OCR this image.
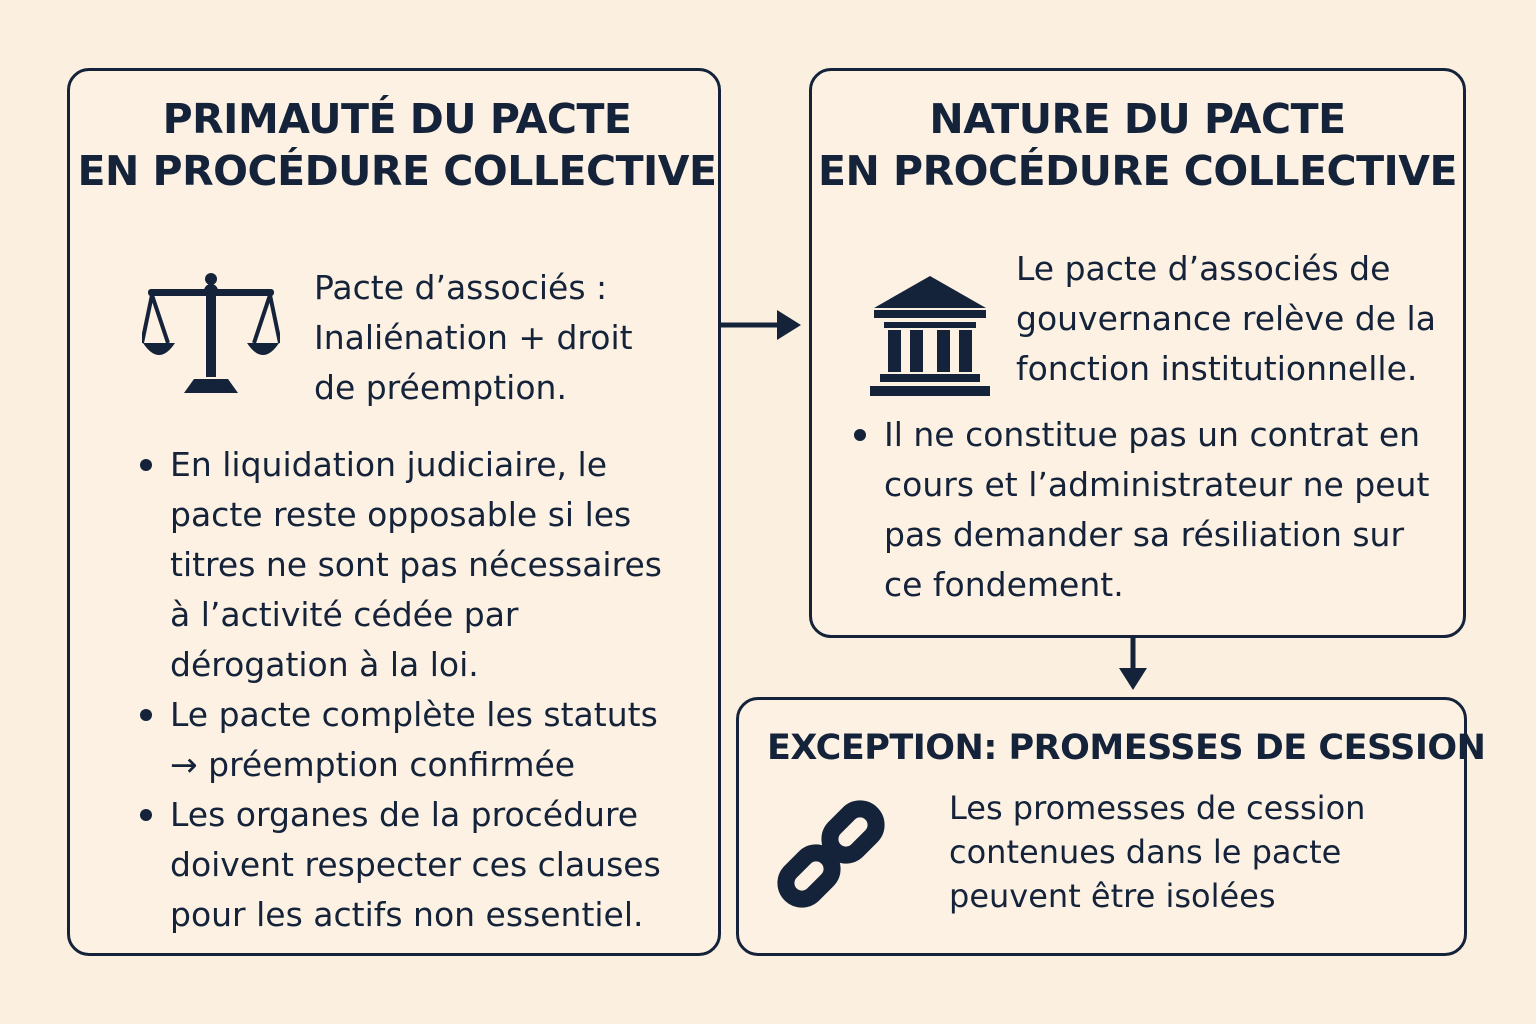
PRIMAUTÉ DU PACTE
EN PROCÉDURE COLLECTIVE

Pacte d’associés :
Inaliénation + droit
de préemption.

En liquidation judiciaire, le
pacte reste opposable si les
titres ne sont pas nécessaires
à l’activité cédée par
dérogation à la loi.
Le pacte complète les statuts
→ préemption confirmée
Les organes de la procédure
doivent respecter ces clauses
pour les actifs non essentiel.
NATURE DU PACTE
EN PROCÉDURE COLLECTIVE

Le pacte d’associés de
gouvernance relève de la
fonction institutionnelle.

Il ne constitue pas un contrat en
cours et l’administrateur ne peut
pas demander sa résiliation sur
ce fondement.
EXCEPTION: PROMESSES DE CESSION

Les promesses de cession
contenues dans le pacte
peuvent être isolées
